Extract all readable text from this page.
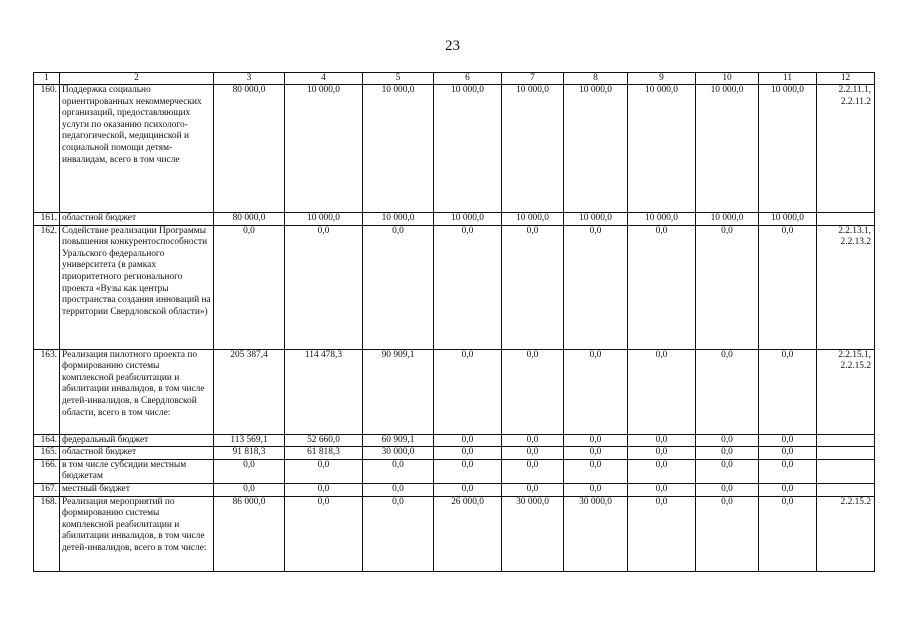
23
1	2	3	4	5	6	7	8	9	10	11	12
160.	Поддержка социально ориентированных некоммерческих организаций, предоставляющих услуги по оказанию психолого-педагогической, медицинской и социальной помощи детям-инвалидам, всего в том числе	80 000,0	10 000,0	10 000,0	10 000,0	10 000,0	10 000,0	10 000,0	10 000,0	10 000,0	2.2.11.1, 2.2.11.2
161.	областной бюджет	80 000,0	10 000,0	10 000,0	10 000,0	10 000,0	10 000,0	10 000,0	10 000,0	10 000,0	
162.	Содействие реализации Программы повышения конкурентоспособности Уральского федерального университета (в рамках приоритетного регионального проекта «Вузы как центры пространства создания инноваций на территории Свердловской области»)	0,0	0,0	0,0	0,0	0,0	0,0	0,0	0,0	0,0	2.2.13.1, 2.2.13.2
163.	Реализация пилотного проекта по формированию системы комплексной реабилитации и абилитации инвалидов, в том числе детей-инвалидов, в Свердловской области, всего в том числе:	205 387,4	114 478,3	90 909,1	0,0	0,0	0,0	0,0	0,0	0,0	2.2.15.1, 2.2.15.2
164.	федеральный бюджет	113 569,1	52 660,0	60 909,1	0,0	0,0	0,0	0,0	0,0	0,0	
165.	областной бюджет	91 818,3	61 818,3	30 000,0	0,0	0,0	0,0	0,0	0,0	0,0	
166.	в том числе субсидии местным бюджетам	0,0	0,0	0,0	0,0	0,0	0,0	0,0	0,0	0,0	
167.	местный бюджет	0,0	0,0	0,0	0,0	0,0	0,0	0,0	0,0	0,0	
168.	Реализация мероприятий по формированию системы комплексной реабилитации и абилитации инвалидов, в том числе детей-инвалидов, всего в том числе:	86 000,0	0,0	0,0	26 000,0	30 000,0	30 000,0	0,0	0,0	0,0	2.2.15.2
